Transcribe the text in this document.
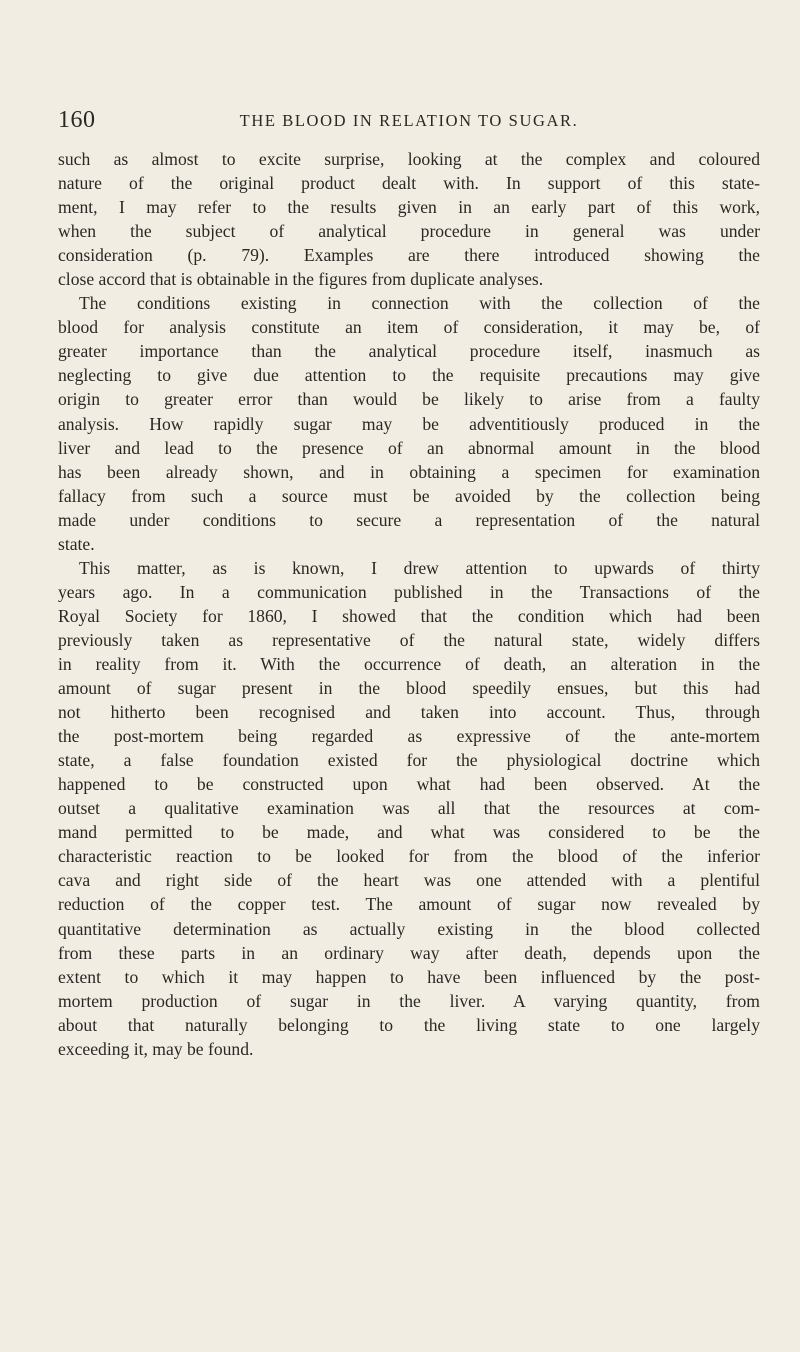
160	THE BLOOD IN RELATION TO SUGAR.
such as almost to excite surprise, looking at the complex and coloured
nature of the original product dealt with. In support of this state-
ment, I may refer to the results given in an early part of this work,
when the subject of analytical procedure in general was under
consideration (p. 79). Examples are there introduced showing the
close accord that is obtainable in the figures from duplicate analyses.
The conditions existing in connection with the collection of the
blood for analysis constitute an item of consideration, it may be, of
greater importance than the analytical procedure itself, inasmuch as
neglecting to give due attention to the requisite precautions may give
origin to greater error than would be likely to arise from a faulty
analysis. How rapidly sugar may be adventitiously produced in the
liver and lead to the presence of an abnormal amount in the blood
has been already shown, and in obtaining a specimen for examination
fallacy from such a source must be avoided by the collection being
made under conditions to secure a representation of the natural
state.
This matter, as is known, I drew attention to upwards of thirty
years ago. In a communication published in the Transactions of the
Royal Society for 1860, I showed that the condition which had been
previously taken as representative of the natural state, widely differs
in reality from it. With the occurrence of death, an alteration in the
amount of sugar present in the blood speedily ensues, but this had
not hitherto been recognised and taken into account. Thus, through
the post-mortem being regarded as expressive of the ante-mortem
state, a false foundation existed for the physiological doctrine which
happened to be constructed upon what had been observed. At the
outset a qualitative examination was all that the resources at com-
mand permitted to be made, and what was considered to be the
characteristic reaction to be looked for from the blood of the inferior
cava and right side of the heart was one attended with a plentiful
reduction of the copper test. The amount of sugar now revealed by
quantitative determination as actually existing in the blood collected
from these parts in an ordinary way after death, depends upon the
extent to which it may happen to have been influenced by the post-
mortem production of sugar in the liver. A varying quantity, from
about that naturally belonging to the living state to one largely
exceeding it, may be found.
